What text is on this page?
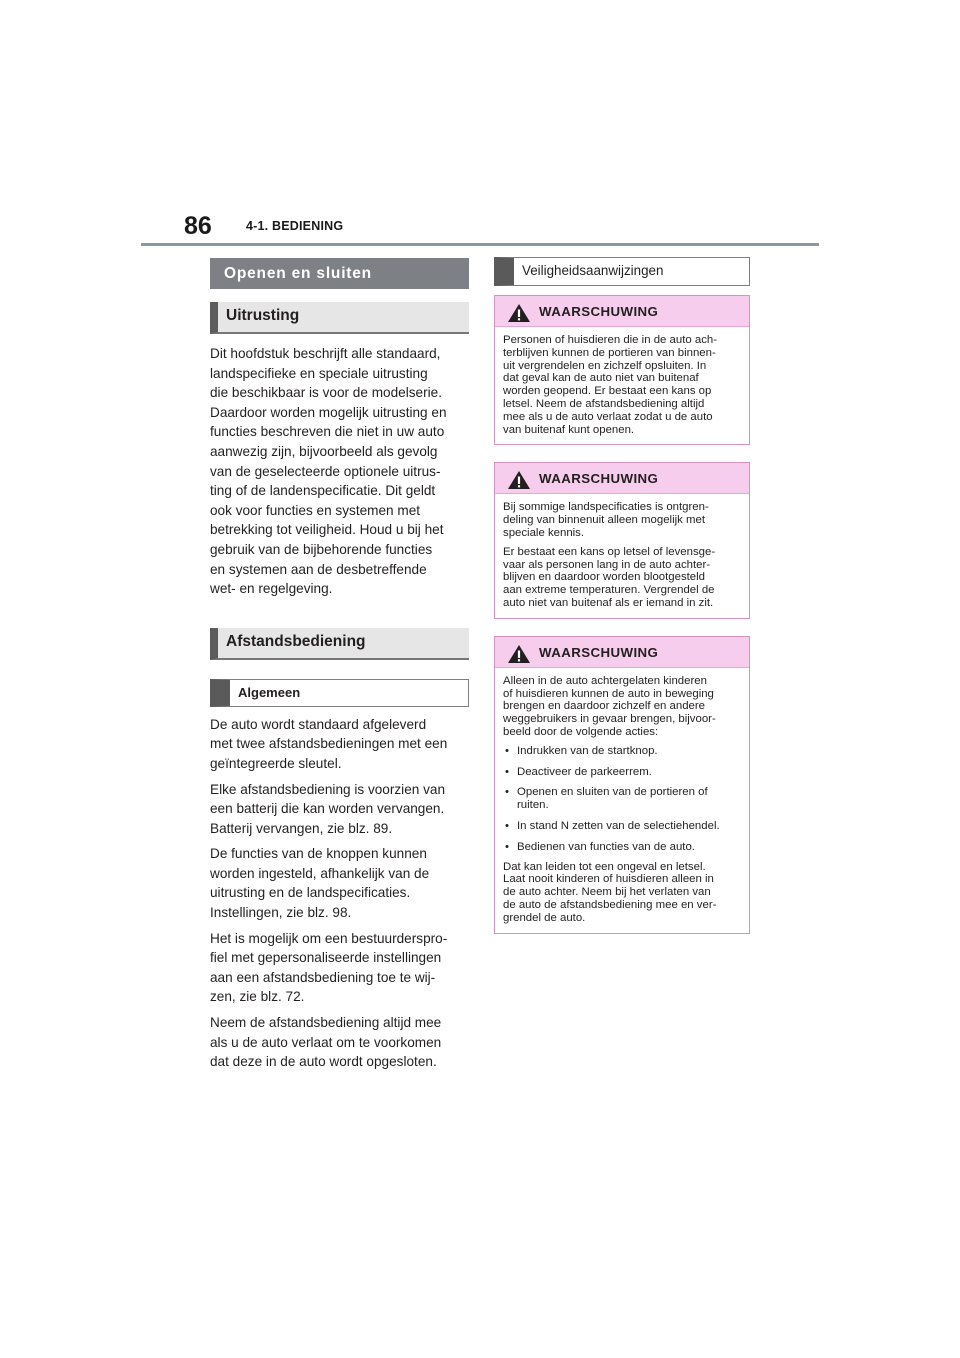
86	4-1. BEDIENING
Openen en sluiten
Uitrusting
Dit hoofdstuk beschrijft alle standaard,
landspecifieke en speciale uitrusting
die beschikbaar is voor de modelserie.
Daardoor worden mogelijk uitrusting en
functies beschreven die niet in uw auto
aanwezig zijn, bijvoorbeeld als gevolg
van de geselecteerde optionele uitrus-
ting of de landenspecificatie. Dit geldt
ook voor functies en systemen met
betrekking tot veiligheid. Houd u bij het
gebruik van de bijbehorende functies
en systemen aan de desbetreffende
wet- en regelgeving.
Afstandsbediening
Algemeen
De auto wordt standaard afgeleverd
met twee afstandsbedieningen met een
geïntegreerde sleutel.
Elke afstandsbediening is voorzien van
een batterij die kan worden vervangen.
Batterij vervangen, zie blz. 89.
De functies van de knoppen kunnen
worden ingesteld, afhankelijk van de
uitrusting en de landspecificaties.
Instellingen, zie blz. 98.
Het is mogelijk om een bestuurderspro-
fiel met gepersonaliseerde instellingen
aan een afstandsbediening toe te wij-
zen, zie blz. 72.
Neem de afstandsbediening altijd mee
als u de auto verlaat om te voorkomen
dat deze in de auto wordt opgesloten.
Veiligheidsaanwijzingen
WAARSCHUWING

Personen of huisdieren die in de auto ach-
terblijven kunnen de portieren van binnen-
uit vergrendelen en zichzelf opsluiten. In
dat geval kan de auto niet van buitenaf
worden geopend. Er bestaat een kans op
letsel. Neem de afstandsbediening altijd
mee als u de auto verlaat zodat u de auto
van buitenaf kunt openen.

WAARSCHUWING

Bij sommige landspecificaties is ontgren-
deling van binnenuit alleen mogelijk met
speciale kennis.

Er bestaat een kans op letsel of levensge-
vaar als personen lang in de auto achter-
blijven en daardoor worden blootgesteld
aan extreme temperaturen. Vergrendel de
auto niet van buitenaf als er iemand in zit.

WAARSCHUWING

Alleen in de auto achtergelaten kinderen
of huisdieren kunnen de auto in beweging
brengen en daardoor zichzelf en andere
weggebruikers in gevaar brengen, bijvoor-
beeld door de volgende acties:

• Indrukken van de startknop.
• Deactiveer de parkeerrem.
• Openen en sluiten van de portieren of
ruiten.
• In stand N zetten van de selectiehendel.
• Bedienen van functies van de auto.

Dat kan leiden tot een ongeval en letsel.
Laat nooit kinderen of huisdieren alleen in
de auto achter. Neem bij het verlaten van
de auto de afstandsbediening mee en ver-
grendel de auto.
